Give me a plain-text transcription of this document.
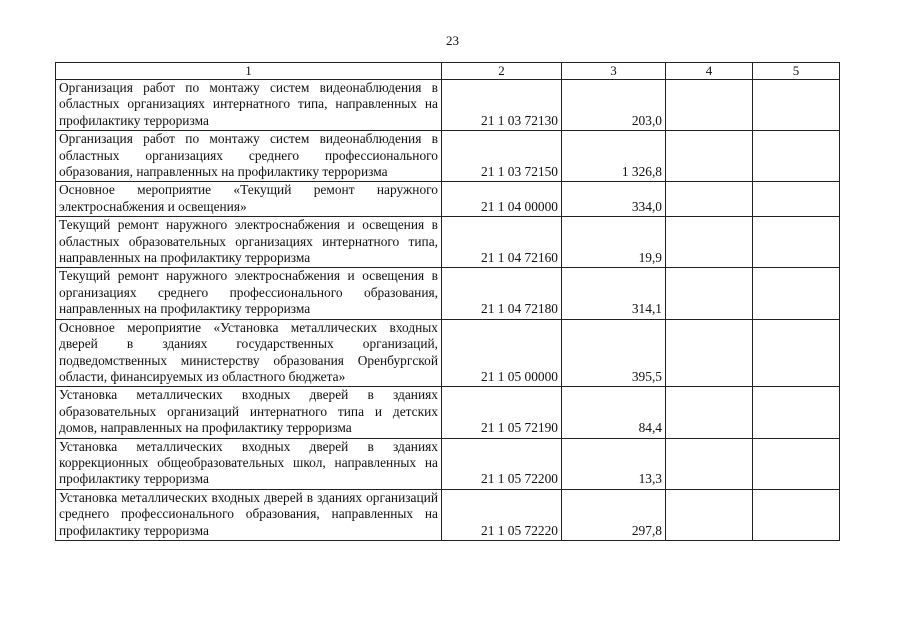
23
1	2	3	4	5
Организация работ по монтажу систем видеонаблюдения в областных организациях интернатного типа, направленных на профилактику терроризма	21 1 03 72130	203,0		
Организация работ по монтажу систем видеонаблюдения в областных организациях среднего профессионального образования, направленных на профилактику терроризма	21 1 03 72150	1 326,8		
Основное мероприятие «Текущий ремонт наружного электроснабжения и освещения»	21 1 04 00000	334,0		
Текущий ремонт наружного электроснабжения и освещения в областных образовательных организациях интернатного типа, направленных на профилактику терроризма	21 1 04 72160	19,9		
Текущий ремонт наружного электроснабжения и освещения в организациях среднего профессионального образования, направленных на профилактику терроризма	21 1 04 72180	314,1		
Основное мероприятие «Установка металлических входных дверей в зданиях государственных организаций, подведомственных министерству образования Оренбургской области, финансируемых из областного бюджета»	21 1 05 00000	395,5		
Установка металлических входных дверей в зданиях образовательных организаций интернатного типа и детских домов, направленных на профилактику терроризма	21 1 05 72190	84,4		
Установка металлических входных дверей в зданиях коррекционных общеобразовательных школ, направленных на профилактику терроризма	21 1 05 72200	13,3		
Установка металлических входных дверей в зданиях организаций среднего профессионального образования, направленных на профилактику терроризма	21 1 05 72220	297,8		
